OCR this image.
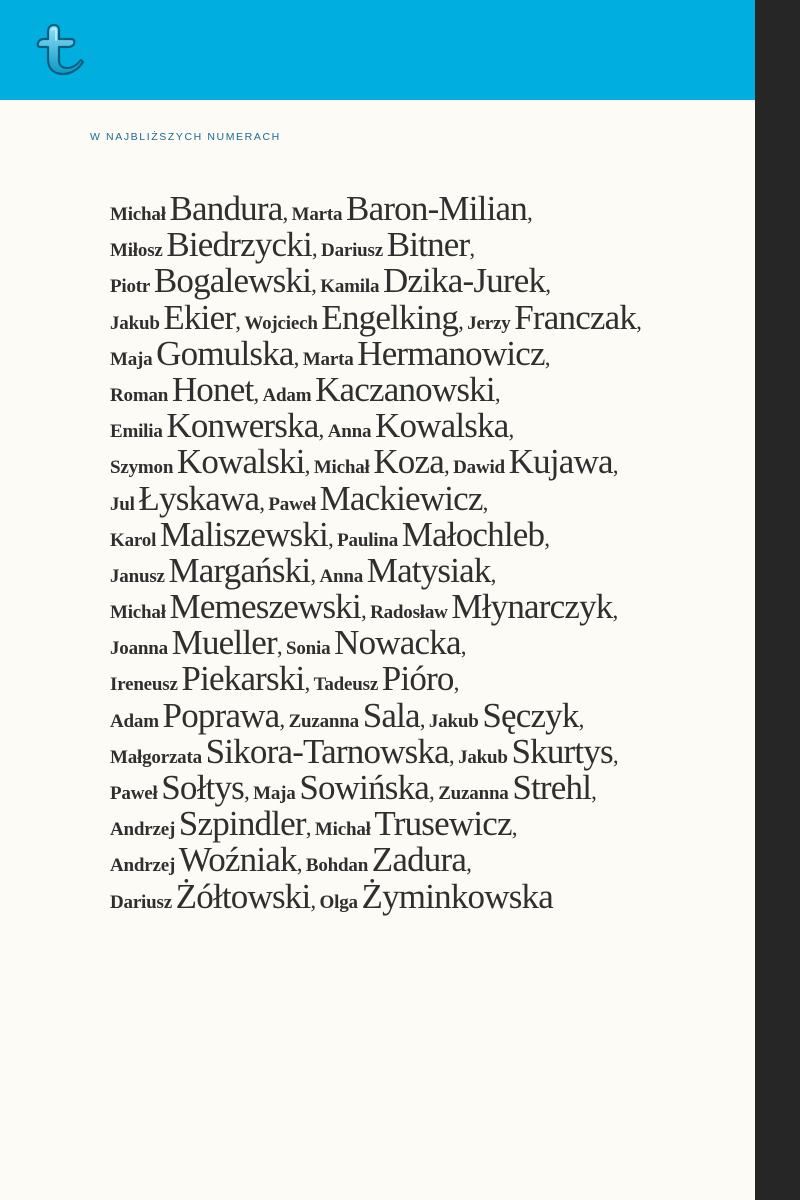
W NAJBLIŻSZYCH NUMERACH
Michał Bandura, Marta Baron-Milian,
Miłosz Biedrzycki, Dariusz Bitner,
Piotr Bogalewski, Kamila Dzika-Jurek,
Jakub Ekier, Wojciech Engelking, Jerzy Franczak,
Maja Gomulska, Marta Hermanowicz,
Roman Honet, Adam Kaczanowski,
Emilia Konwerska, Anna Kowalska,
Szymon Kowalski, Michał Koza, Dawid Kujawa,
Jul Łyskawa, Paweł Mackiewicz,
Karol Maliszewski, Paulina Małochleb,
Janusz Margański, Anna Matysiak,
Michał Memeszewski, Radosław Młynarczyk,
Joanna Mueller, Sonia Nowacka,
Ireneusz Piekarski, Tadeusz Pióro,
Adam Poprawa, Zuzanna Sala, Jakub Sęczyk,
Małgorzata Sikora-Tarnowska, Jakub Skurtys,
Paweł Sołtys, Maja Sowińska, Zuzanna Strehl,
Andrzej Szpindler, Michał Trusewicz,
Andrzej Woźniak, Bohdan Zadura,
Dariusz Żółtowski, Olga Żyminkowska
